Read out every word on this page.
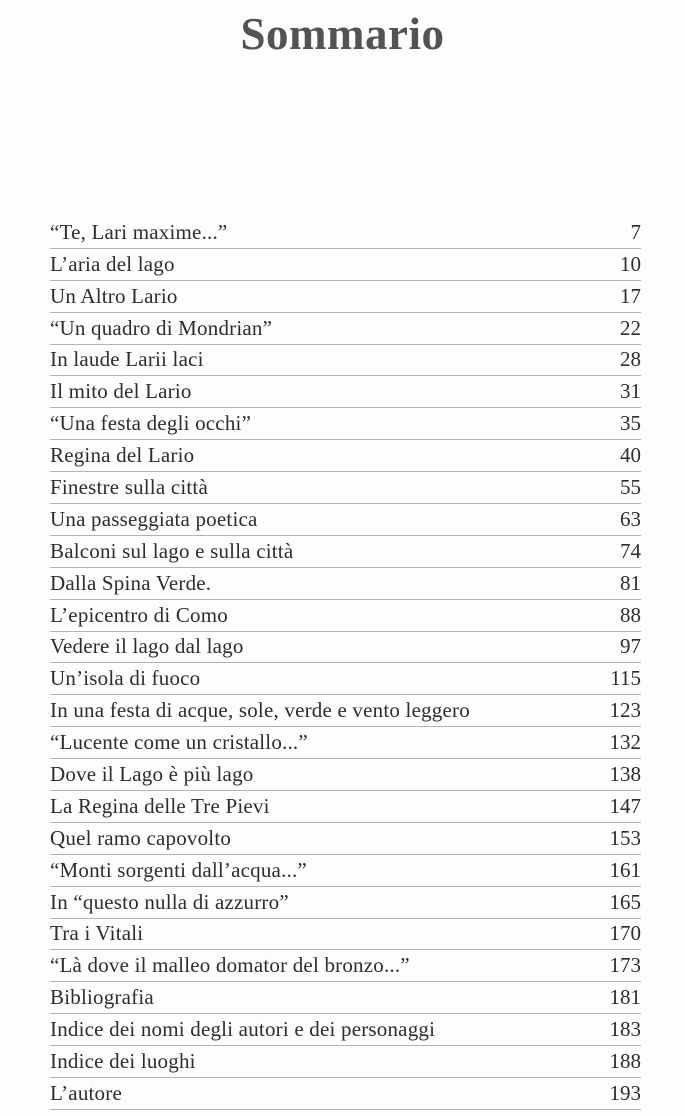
Sommario
“Te, Lari maxime...”	7
L’aria del lago	10
Un Altro Lario	17
“Un quadro di Mondrian”	22
In laude Larii laci	28
Il mito del Lario	31
“Una festa degli occhi”	35
Regina del Lario	40
Finestre sulla città	55
Una passeggiata poetica	63
Balconi sul lago e sulla città	74
Dalla Spina Verde.	81
L’epicentro di Como	88
Vedere il lago dal lago	97
Un’isola di fuoco	115
In una festa di acque, sole, verde e vento leggero	123
“Lucente come un cristallo...”	132
Dove il Lago è più lago	138
La Regina delle Tre Pievi	147
Quel ramo capovolto	153
“Monti sorgenti dall’acqua...”	161
In “questo nulla di azzurro”	165
Tra i Vitali	170
“Là dove il malleo domator del bronzo...”	173
Bibliografia	181
Indice dei nomi degli autori e dei personaggi	183
Indice dei luoghi	188
L’autore	193
